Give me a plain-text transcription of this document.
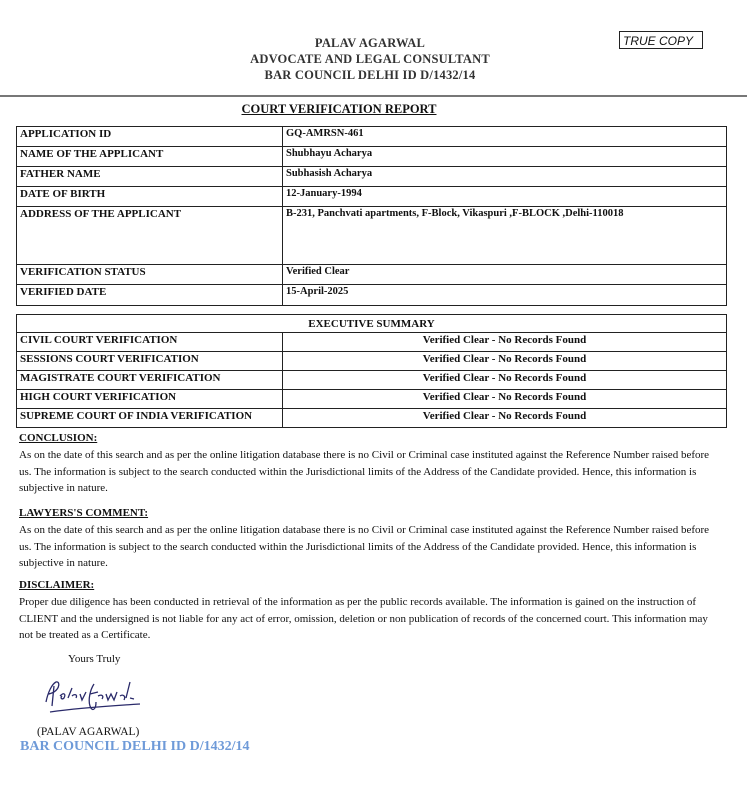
PALAV AGARWAL
ADVOCATE AND LEGAL CONSULTANT
BAR COUNCIL DELHI ID D/1432/14
TRUE COPY
COURT VERIFICATION REPORT
APPLICATION ID	GQ-AMRSN-461
NAME OF THE APPLICANT	Shubhayu Acharya
FATHER NAME	Subhasish Acharya
DATE OF BIRTH	12-January-1994
ADDRESS OF THE APPLICANT	B-231, Panchvati apartments, F-Block, Vikaspuri ,F-BLOCK ,Delhi-110018
VERIFICATION STATUS	Verified Clear
VERIFIED DATE	15-April-2025
EXECUTIVE SUMMARY	
CIVIL COURT VERIFICATION	Verified Clear - No Records Found
SESSIONS COURT VERIFICATION	Verified Clear - No Records Found
MAGISTRATE COURT VERIFICATION	Verified Clear - No Records Found
HIGH COURT VERIFICATION	Verified Clear - No Records Found
SUPREME COURT OF INDIA VERIFICATION	Verified Clear - No Records Found
CONCLUSION:

As on the date of this search and as per the online litigation database there is no Civil or Criminal case instituted against the Reference Number raised before us. The information is subject to the search conducted within the Jurisdictional limits of the Address of the Candidate provided. Hence, this information is subjective in nature.

LAWYERS'S COMMENT:

As on the date of this search and as per the online litigation database there is no Civil or Criminal case instituted against the Reference Number raised before us. The information is subject to the search conducted within the Jurisdictional limits of the Address of the Candidate provided. Hence, this information is subjective in nature.

DISCLAIMER:

Proper due diligence has been conducted in retrieval of the information as per the public records available. The information is gained on the instruction of CLIENT and the undersigned is not liable for any act of error, omission, deletion or non publication of records of the concerned court. This information may not be treated as a Certificate.

Yours Truly
(PALAV AGARWAL)
BAR COUNCIL DELHI ID D/1432/14
